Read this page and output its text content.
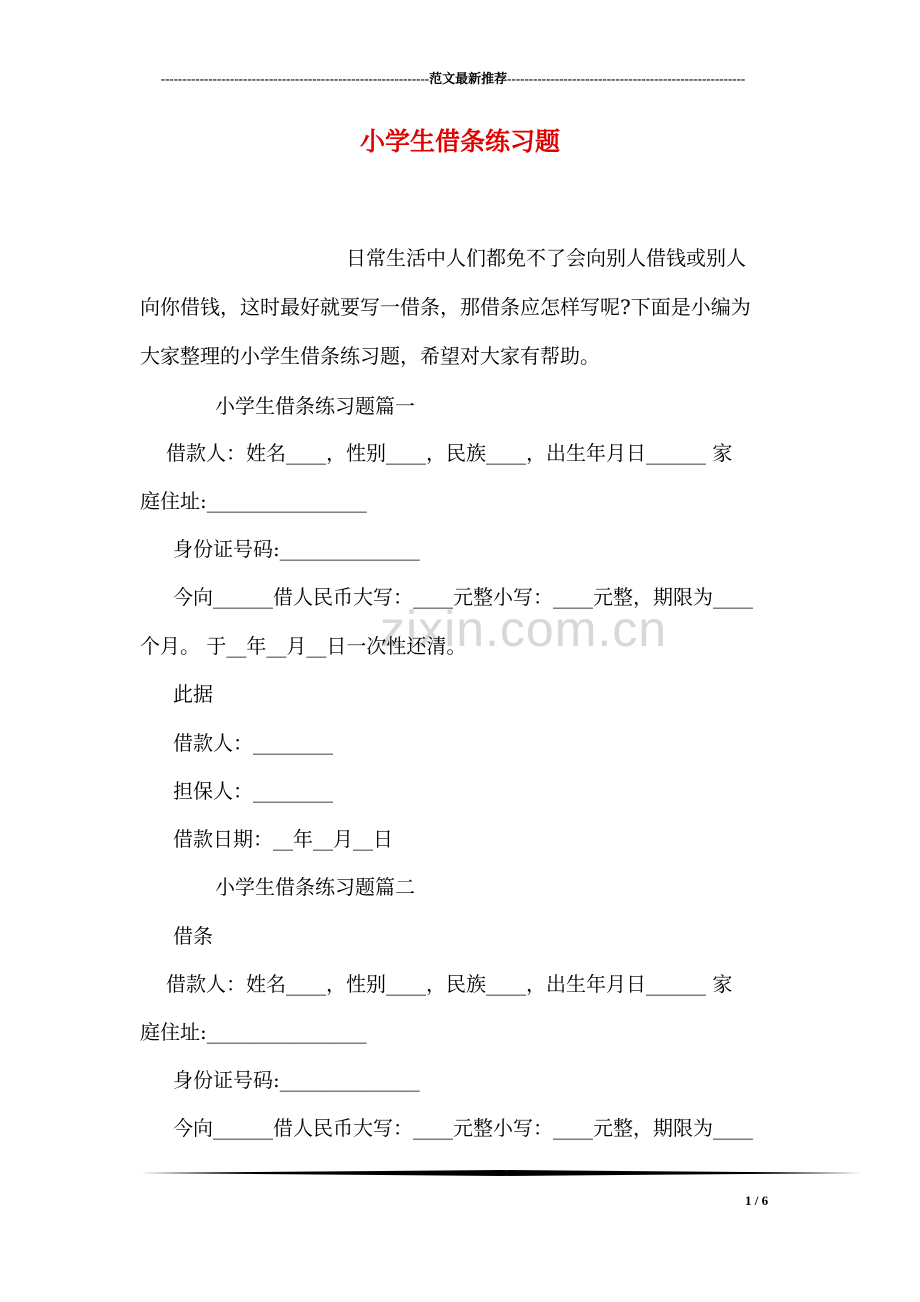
--------------------------------------------------------------范文最新推荐-------------------------------------------------------
小学生借条练习题
zixin.com.cn
日常生活中人们都免不了会向别人借钱或别人
向你借钱，这时最好就要写一借条，那借条应怎样写呢?下面是小编为
大家整理的小学生借条练习题，希望对大家有帮助。
小学生借条练习题篇一
借款人：姓名____，性别____，民族____，出生年月日______ 家
庭住址:________________
身份证号码:______________
今向______借人民币大写：____元整小写：____元整，期限为____
个月。 于__年__月__日一次性还清。
此据
借款人：________
担保人：________
借款日期：__年__月__日
小学生借条练习题篇二
借条
借款人：姓名____，性别____，民族____，出生年月日______ 家
庭住址:________________
身份证号码:______________
今向______借人民币大写：____元整小写：____元整，期限为____
1 / 6
